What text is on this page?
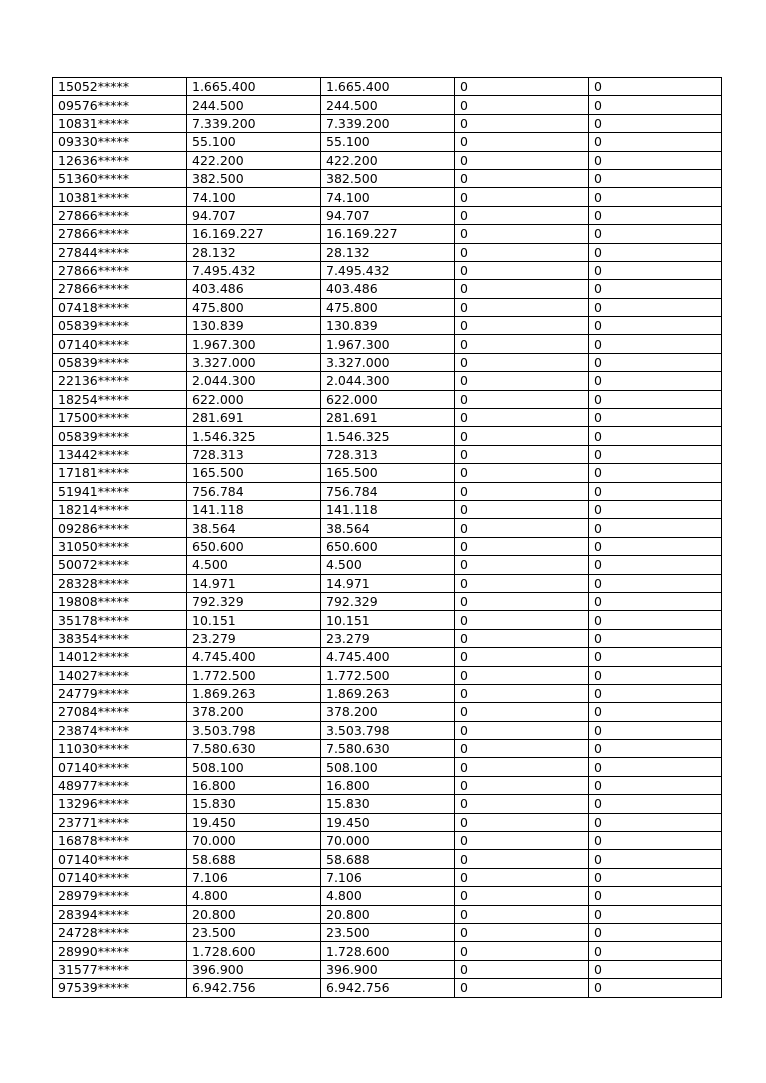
15052*****	1.665.400	1.665.400	0	0
09576*****	244.500	244.500	0	0
10831*****	7.339.200	7.339.200	0	0
09330*****	55.100	55.100	0	0
12636*****	422.200	422.200	0	0
51360*****	382.500	382.500	0	0
10381*****	74.100	74.100	0	0
27866*****	94.707	94.707	0	0
27866*****	16.169.227	16.169.227	0	0
27844*****	28.132	28.132	0	0
27866*****	7.495.432	7.495.432	0	0
27866*****	403.486	403.486	0	0
07418*****	475.800	475.800	0	0
05839*****	130.839	130.839	0	0
07140*****	1.967.300	1.967.300	0	0
05839*****	3.327.000	3.327.000	0	0
22136*****	2.044.300	2.044.300	0	0
18254*****	622.000	622.000	0	0
17500*****	281.691	281.691	0	0
05839*****	1.546.325	1.546.325	0	0
13442*****	728.313	728.313	0	0
17181*****	165.500	165.500	0	0
51941*****	756.784	756.784	0	0
18214*****	141.118	141.118	0	0
09286*****	38.564	38.564	0	0
31050*****	650.600	650.600	0	0
50072*****	4.500	4.500	0	0
28328*****	14.971	14.971	0	0
19808*****	792.329	792.329	0	0
35178*****	10.151	10.151	0	0
38354*****	23.279	23.279	0	0
14012*****	4.745.400	4.745.400	0	0
14027*****	1.772.500	1.772.500	0	0
24779*****	1.869.263	1.869.263	0	0
27084*****	378.200	378.200	0	0
23874*****	3.503.798	3.503.798	0	0
11030*****	7.580.630	7.580.630	0	0
07140*****	508.100	508.100	0	0
48977*****	16.800	16.800	0	0
13296*****	15.830	15.830	0	0
23771*****	19.450	19.450	0	0
16878*****	70.000	70.000	0	0
07140*****	58.688	58.688	0	0
07140*****	7.106	7.106	0	0
28979*****	4.800	4.800	0	0
28394*****	20.800	20.800	0	0
24728*****	23.500	23.500	0	0
28990*****	1.728.600	1.728.600	0	0
31577*****	396.900	396.900	0	0
97539*****	6.942.756	6.942.756	0	0
